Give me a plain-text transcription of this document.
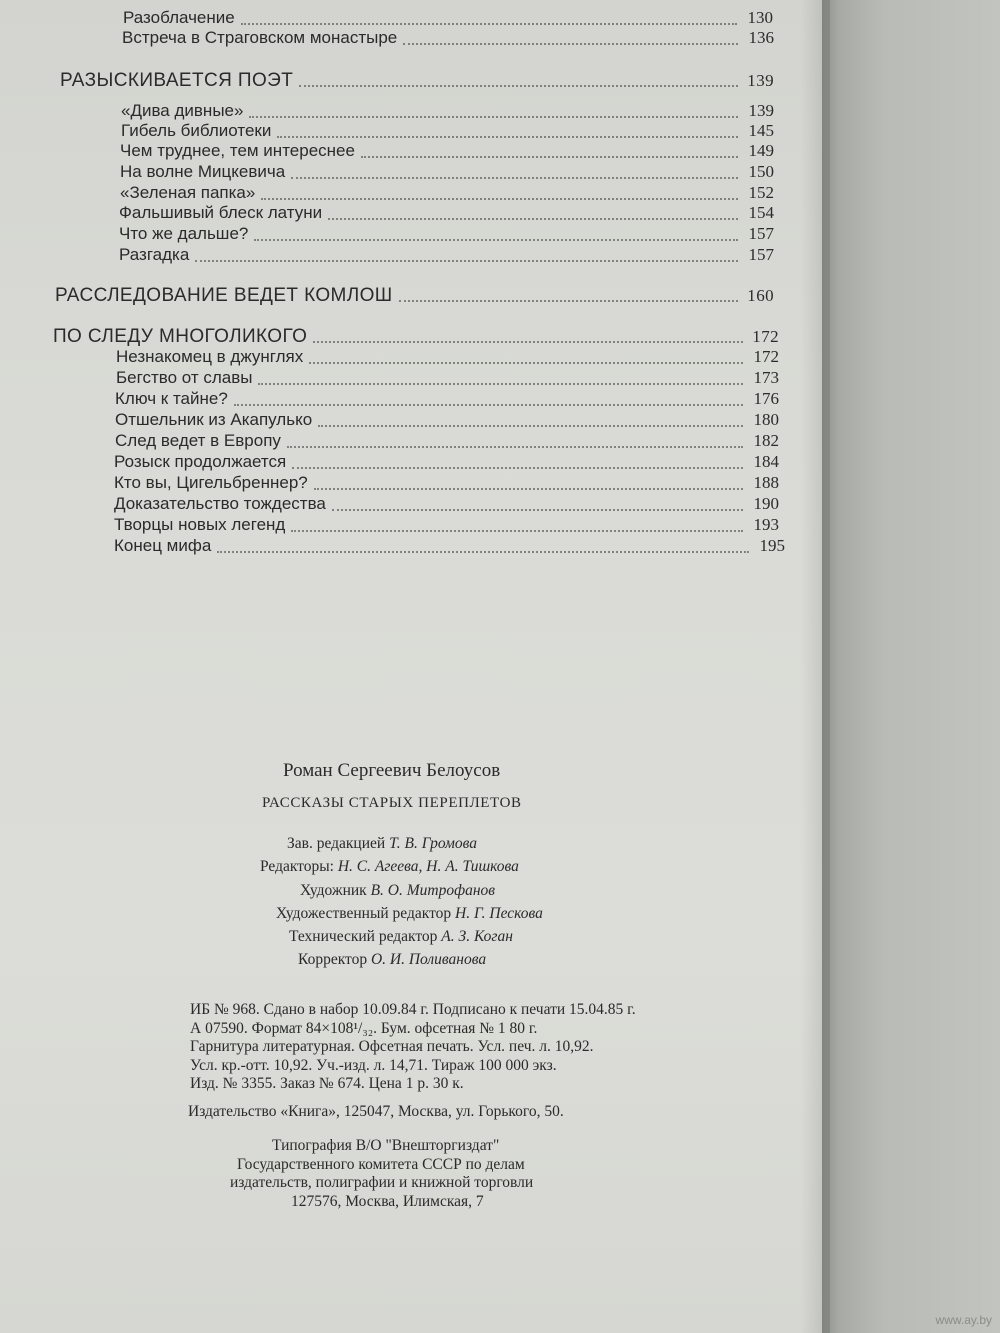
Разоблачение	130
Встреча в Страговском монастыре	136
РАЗЫСКИВАЕТСЯ ПОЭТ	139
«Дива дивные»	139
Гибель библиотеки	145
Чем труднее, тем интереснее	149
На волне Мицкевича	150
«Зеленая папка»	152
Фальшивый блеск латуни	154
Что же дальше?	157
Разгадка	157
РАССЛЕДОВАНИЕ ВЕДЕТ КОМЛОШ	160
ПО СЛЕДУ МНОГОЛИКОГО	172
Незнакомец в джунглях	172
Бегство от славы	173
Ключ к тайне?	176
Отшельник из Акапулько	180
След ведет в Европу	182
Розыск продолжается	184
Кто вы, Цигельбреннер?	188
Доказательство тождества	190
Творцы новых легенд	193
Конец мифа	195
Роман Сергеевич Белоусов
РАССКАЗЫ СТАРЫХ ПЕРЕПЛЕТОВ
Зав. редакцией Т. В. Громова
Редакторы: Н. С. Агеева, Н. А. Тишкова
Художник В. О. Митрофанов
Художественный редактор Н. Г. Пескова
Технический редактор А. З. Коган
Корректор О. И. Поливанова
ИБ № 968. Сдано в набор 10.09.84 г. Подписано к печати 15.04.85 г.
А 07590. Формат 84×108¹/₃₂. Бум. офсетная № 1 80 г.
Гарнитура литературная. Офсетная печать. Усл. печ. л. 10,92.
Усл. кр.-отт. 10,92. Уч.-изд. л. 14,71. Тираж 100 000 экз.
Изд. № 3355. Заказ № 674. Цена 1 р. 30 к.
Издательство «Книга», 125047, Москва, ул. Горького, 50.
Типография В/О "Внешторгиздат"
Государственного комитета СССР по делам
издательств, полиграфии и книжной торговли
127576, Москва, Илимская, 7
www.ay.by
